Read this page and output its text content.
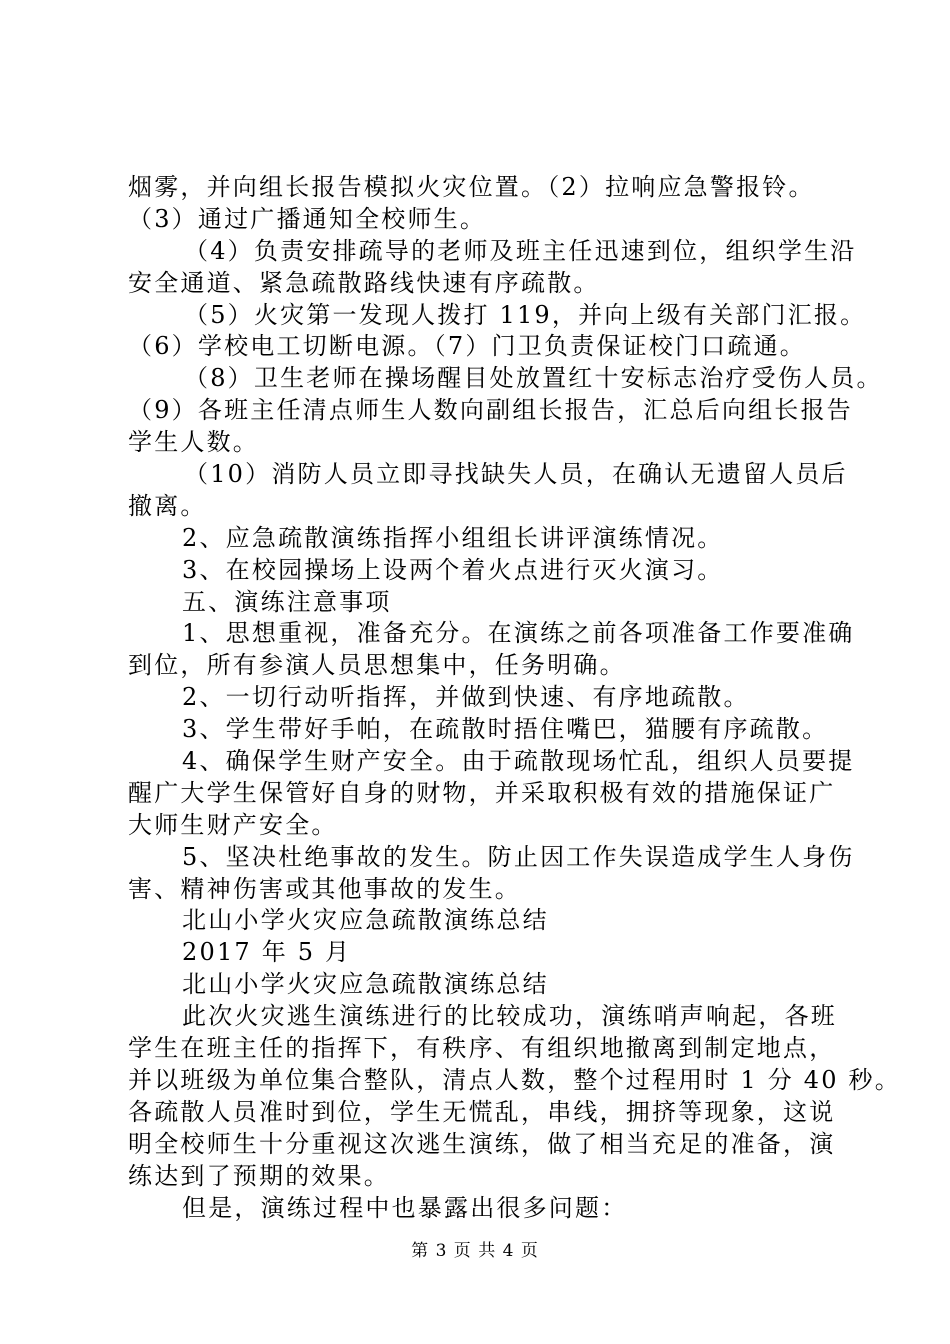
烟雾，并向组长报告模拟火灾位置。（2）拉响应急警报铃。
（3）通过广播通知全校师生。
（4）负责安排疏导的老师及班主任迅速到位，组织学生沿
安全通道、紧急疏散路线快速有序疏散。
（5）火灾第一发现人拨打 119，并向上级有关部门汇报。
（6）学校电工切断电源。（7）门卫负责保证校门口疏通。
（8）卫生老师在操场醒目处放置红十安标志治疗受伤人员。
（9）各班主任清点师生人数向副组长报告，汇总后向组长报告
学生人数。
（10）消防人员立即寻找缺失人员，在确认无遗留人员后
撤离。
2、应急疏散演练指挥小组组长讲评演练情况。
3、在校园操场上设两个着火点进行灭火演习。
五、演练注意事项
1、思想重视，准备充分。在演练之前各项准备工作要准确
到位，所有参演人员思想集中，任务明确。
2、一切行动听指挥，并做到快速、有序地疏散。
3、学生带好手帕，在疏散时捂住嘴巴，猫腰有序疏散。
4、确保学生财产安全。由于疏散现场忙乱，组织人员要提
醒广大学生保管好自身的财物，并采取积极有效的措施保证广
大师生财产安全。
5、坚决杜绝事故的发生。防止因工作失误造成学生人身伤
害、精神伤害或其他事故的发生。
北山小学火灾应急疏散演练总结
2017 年 5 月
北山小学火灾应急疏散演练总结
此次火灾逃生演练进行的比较成功，演练哨声响起，各班
学生在班主任的指挥下，有秩序、有组织地撤离到制定地点，
并以班级为单位集合整队，清点人数，整个过程用时 1 分 40 秒。
各疏散人员准时到位，学生无慌乱，串线，拥挤等现象，这说
明全校师生十分重视这次逃生演练，做了相当充足的准备，演
练达到了预期的效果。
但是，演练过程中也暴露出很多问题：
第 3 页 共 4 页
